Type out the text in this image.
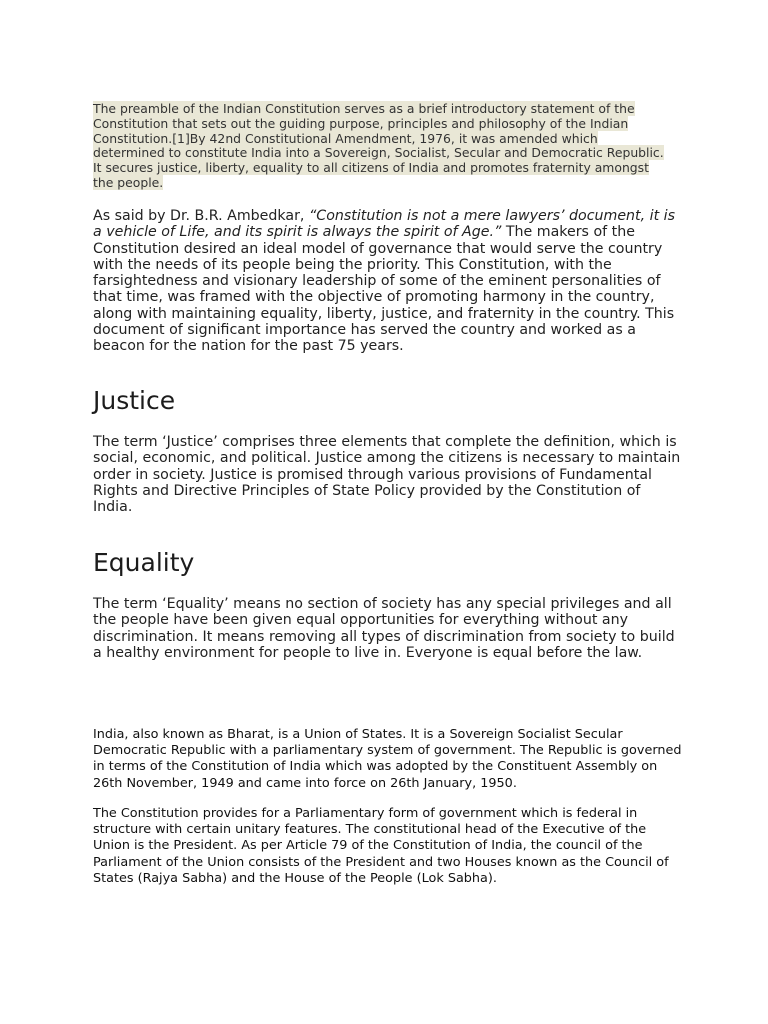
The preamble of the Indian Constitution serves as a brief introductory statement of the Constitution that sets out the guiding purpose, principles and philosophy of the Indian Constitution.[1]By 42nd Constitutional Amendment, 1976, it was amended which determined to constitute India into a Sovereign, Socialist, Secular and Democratic Republic. It secures justice, liberty, equality to all citizens of India and promotes fraternity amongst the people.

As said by Dr. B.R. Ambedkar, “Constitution is not a mere lawyers’ document, it is a vehicle of Life, and its spirit is always the spirit of Age.” The makers of the Constitution desired an ideal model of governance that would serve the country with the needs of its people being the priority. This Constitution, with the farsightedness and visionary leadership of some of the eminent personalities of that time, was framed with the objective of promoting harmony in the country, along with maintaining equality, liberty, justice, and fraternity in the country. This document of significant importance has served the country and worked as a beacon for the nation for the past 75 years.

Justice

The term ‘Justice’ comprises three elements that complete the definition, which is social, economic, and political. Justice among the citizens is necessary to maintain order in society. Justice is promised through various provisions of Fundamental Rights and Directive Principles of State Policy provided by the Constitution of India.

Equality

The term ‘Equality’ means no section of society has any special privileges and all the people have been given equal opportunities for everything without any discrimination. It means removing all types of discrimination from society to build a healthy environment for people to live in. Everyone is equal before the law.

India, also known as Bharat, is a Union of States. It is a Sovereign Socialist Secular Democratic Republic with a parliamentary system of government. The Republic is governed in terms of the Constitution of India which was adopted by the Constituent Assembly on 26th November, 1949 and came into force on 26th January, 1950.

The Constitution provides for a Parliamentary form of government which is federal in structure with certain unitary features. The constitutional head of the Executive of the Union is the President. As per Article 79 of the Constitution of India, the council of the Parliament of the Union consists of the President and two Houses known as the Council of States (Rajya Sabha) and the House of the People (Lok Sabha).
